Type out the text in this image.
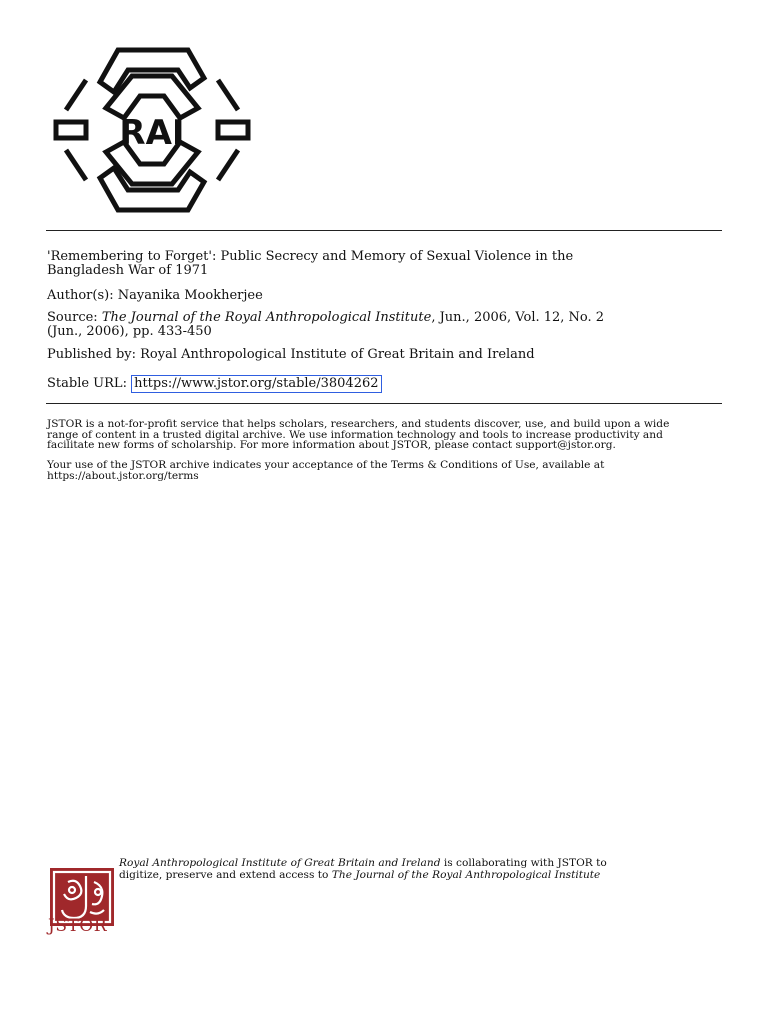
RAI

'Remembering to Forget': Public Secrecy and Memory of Sexual Violence in the

Bangladesh War of 1971

Author(s): Nayanika Mookherjee

Source: The Journal of the Royal Anthropological Institute, Jun., 2006, Vol. 12, No. 2

(Jun., 2006), pp. 433-450

Published by: Royal Anthropological Institute of Great Britain and Ireland

Stable URL: https://www.jstor.org/stable/3804262

JSTOR is a not-for-profit service that helps scholars, researchers, and students discover, use, and build upon a wide

range of content in a trusted digital archive. We use information technology and tools to increase productivity and

facilitate new forms of scholarship. For more information about JSTOR, please contact support@jstor.org.

Your use of the JSTOR archive indicates your acceptance of the Terms & Conditions of Use, available at

https://about.jstor.org/terms

JSTOR

Royal Anthropological Institute of Great Britain and Ireland is collaborating with JSTOR to

digitize, preserve and extend access to The Journal of the Royal Anthropological Institute
